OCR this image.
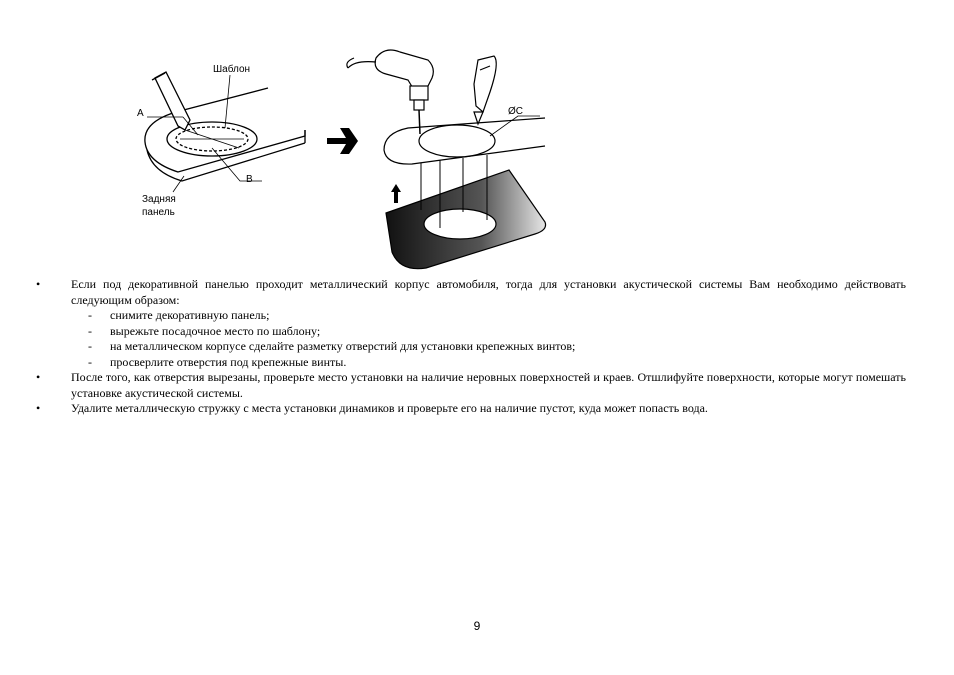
Шаблон
A
B
Задняя
панель
ØC
•	Если под декоративной панелью проходит металлический корпус автомобиля, тогда для установки акустической системы Вам необходимо действовать следующим образом:
- снимите декоративную панель;
- вырежьте посадочное место по шаблону;
- на металлическом корпусе сделайте разметку отверстий для установки крепежных винтов;
- просверлите отверстия под крепежные винты.
•	После того, как отверстия вырезаны, проверьте место установки на наличие неровных поверхностей и краев. Отшлифуйте поверхности, которые могут помешать установке акустической системы.
•	Удалите металлическую стружку с места установки динамиков и проверьте его на наличие пустот, куда может попасть вода.
9
